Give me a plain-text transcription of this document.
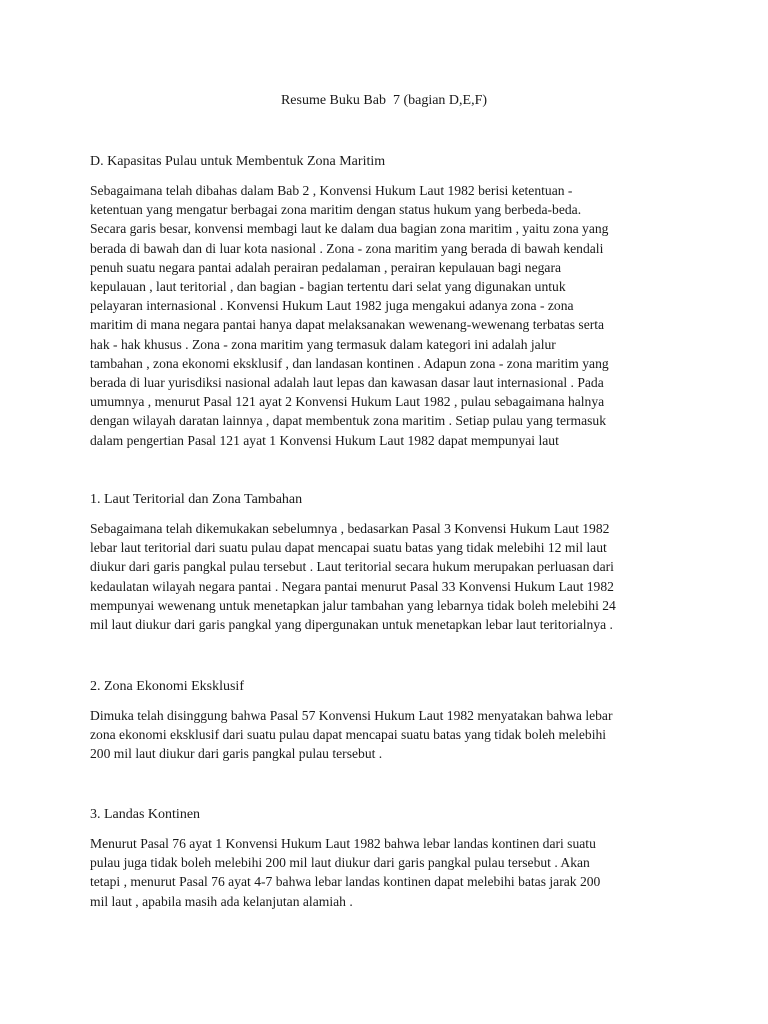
Resume Buku Bab  7 (bagian D,E,F)
D. Kapasitas Pulau untuk Membentuk Zona Maritim
Sebagaimana telah dibahas dalam Bab 2 , Konvensi Hukum Laut 1982 berisi ketentuan -
ketentuan yang mengatur berbagai zona maritim dengan status hukum yang berbeda-beda.
Secara garis besar, konvensi membagi laut ke dalam dua bagian zona maritim , yaitu zona yang
berada di bawah dan di luar kota nasional . Zona - zona maritim yang berada di bawah kendali
penuh suatu negara pantai adalah perairan pedalaman , perairan kepulauan bagi negara
kepulauan , laut teritorial , dan bagian - bagian tertentu dari selat yang digunakan untuk
pelayaran internasional . Konvensi Hukum Laut 1982 juga mengakui adanya zona - zona
maritim di mana negara pantai hanya dapat melaksanakan wewenang-wewenang terbatas serta
hak - hak khusus . Zona - zona maritim yang termasuk dalam kategori ini adalah jalur
tambahan , zona ekonomi eksklusif , dan landasan kontinen . Adapun zona - zona maritim yang
berada di luar yurisdiksi nasional adalah laut lepas dan kawasan dasar laut internasional . Pada
umumnya , menurut Pasal 121 ayat 2 Konvensi Hukum Laut 1982 , pulau sebagaimana halnya
dengan wilayah daratan lainnya , dapat membentuk zona maritim . Setiap pulau yang termasuk
dalam pengertian Pasal 121 ayat 1 Konvensi Hukum Laut 1982 dapat mempunyai laut
1. Laut Teritorial dan Zona Tambahan
Sebagaimana telah dikemukakan sebelumnya , bedasarkan Pasal 3 Konvensi Hukum Laut 1982
lebar laut teritorial dari suatu pulau dapat mencapai suatu batas yang tidak melebihi 12 mil laut
diukur dari garis pangkal pulau tersebut . Laut teritorial secara hukum merupakan perluasan dari
kedaulatan wilayah negara pantai . Negara pantai menurut Pasal 33 Konvensi Hukum Laut 1982
mempunyai wewenang untuk menetapkan jalur tambahan yang lebarnya tidak boleh melebihi 24
mil laut diukur dari garis pangkal yang dipergunakan untuk menetapkan lebar laut teritorialnya .
2. Zona Ekonomi Eksklusif
Dimuka telah disinggung bahwa Pasal 57 Konvensi Hukum Laut 1982 menyatakan bahwa lebar
zona ekonomi eksklusif dari suatu pulau dapat mencapai suatu batas yang tidak boleh melebihi
200 mil laut diukur dari garis pangkal pulau tersebut .
3. Landas Kontinen
Menurut Pasal 76 ayat 1 Konvensi Hukum Laut 1982 bahwa lebar landas kontinen dari suatu
pulau juga tidak boleh melebihi 200 mil laut diukur dari garis pangkal pulau tersebut . Akan
tetapi , menurut Pasal 76 ayat 4-7 bahwa lebar landas kontinen dapat melebihi batas jarak 200
mil laut , apabila masih ada kelanjutan alamiah .
